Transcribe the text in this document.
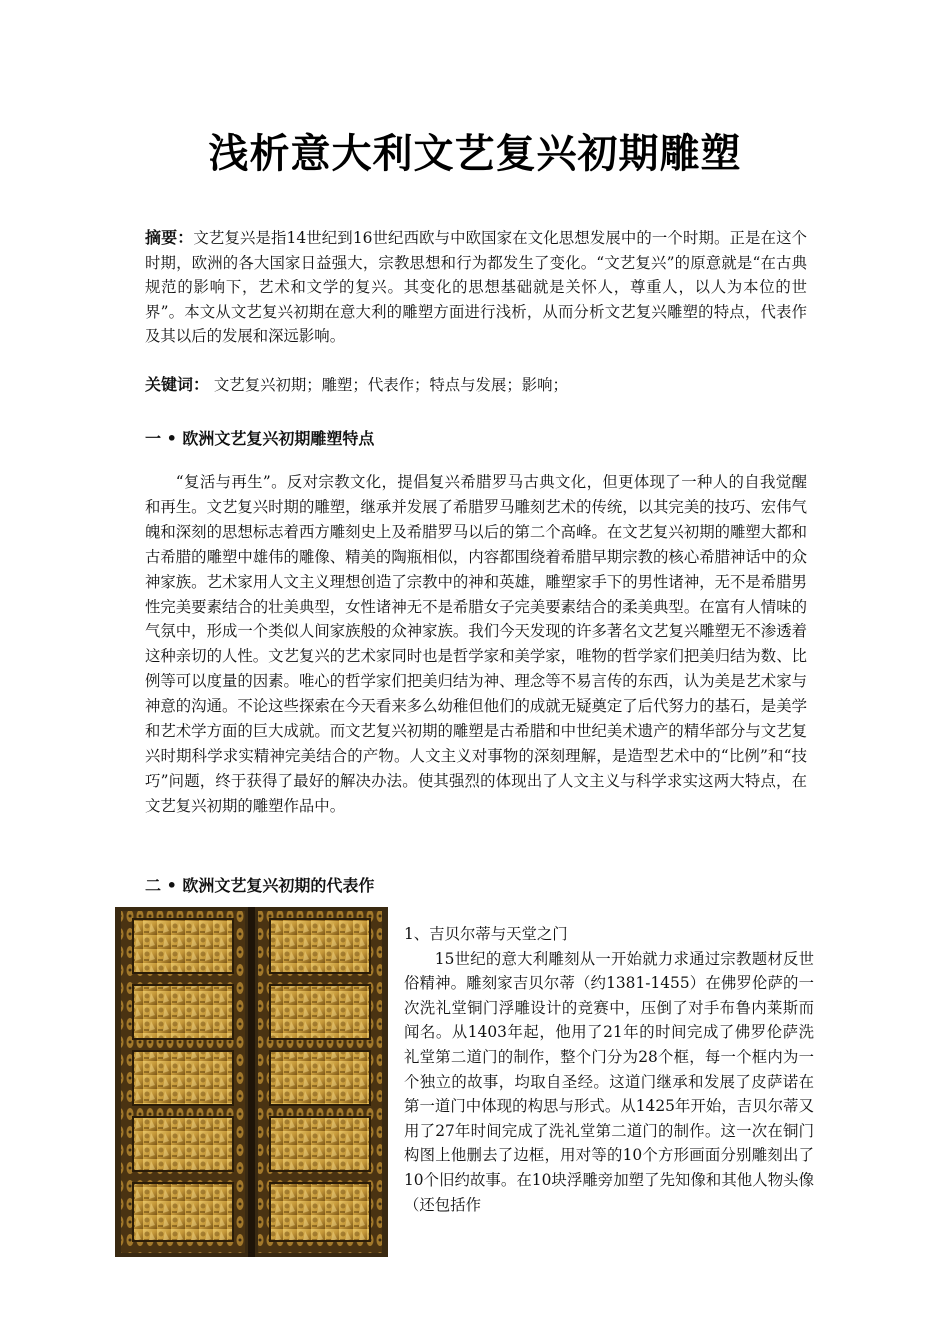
浅析意大利文艺复兴初期雕塑
摘要：文艺复兴是指14世纪到16世纪西欧与中欧国家在文化思想发展中的一个时期。正是在这个时期，欧洲的各大国家日益强大，宗教思想和行为都发生了变化。“文艺复兴”的原意就是“在古典规范的影响下，艺术和文学的复兴。其变化的思想基础就是关怀人，尊重人，以人为本位的世界”。本文从文艺复兴初期在意大利的雕塑方面进行浅析，从而分析文艺复兴雕塑的特点，代表作及其以后的发展和深远影响。
关键词： 文艺复兴初期；雕塑；代表作；特点与发展；影响；
一 • 欧洲文艺复兴初期雕塑特点
“复活与再生”。反对宗教文化，提倡复兴希腊罗马古典文化，但更体现了一种人的自我觉醒和再生。文艺复兴时期的雕塑，继承并发展了希腊罗马雕刻艺术的传统，以其完美的技巧、宏伟气魄和深刻的思想标志着西方雕刻史上及希腊罗马以后的第二个高峰。在文艺复兴初期的雕塑大都和古希腊的雕塑中雄伟的雕像、精美的陶瓶相似，内容都围绕着希腊早期宗教的核心希腊神话中的众神家族。艺术家用人文主义理想创造了宗教中的神和英雄，雕塑家手下的男性诸神，无不是希腊男性完美要素结合的壮美典型，女性诸神无不是希腊女子完美要素结合的柔美典型。在富有人情味的气氛中，形成一个类似人间家族般的众神家族。我们今天发现的许多著名文艺复兴雕塑无不渗透着这种亲切的人性。文艺复兴的艺术家同时也是哲学家和美学家，唯物的哲学家们把美归结为数、比例等可以度量的因素。唯心的哲学家们把美归结为神、理念等不易言传的东西，认为美是艺术家与神意的沟通。不论这些探索在今天看来多么幼稚但他们的成就无疑奠定了后代努力的基石，是美学和艺术学方面的巨大成就。而文艺复兴初期的雕塑是古希腊和中世纪美术遗产的精华部分与文艺复兴时期科学求实精神完美结合的产物。人文主义对事物的深刻理解，是造型艺术中的“比例”和“技巧”问题，终于获得了最好的解决办法。使其强烈的体现出了人文主义与科学求实这两大特点，在文艺复兴初期的雕塑作品中。
二 • 欧洲文艺复兴初期的代表作
1、吉贝尔蒂与天堂之门
15世纪的意大利雕刻从一开始就力求通过宗教题材反世俗精神。雕刻家吉贝尔蒂（约1381-1455）在佛罗伦萨的一次洗礼堂铜门浮雕设计的竞赛中，压倒了对手布鲁内莱斯而闻名。从1403年起，他用了21年的时间完成了佛罗伦萨洗礼堂第二道门的制作，整个门分为28个框，每一个框内为一个独立的故事，均取自圣经。这道门继承和发展了皮萨诺在第一道门中体现的构思与形式。从1425年开始，吉贝尔蒂又用了27年时间完成了洗礼堂第二道门的制作。这一次在铜门构图上他删去了边框，用对等的10个方形画面分别雕刻出了10个旧约故事。在10块浮雕旁加塑了先知像和其他人物头像（还包括作
